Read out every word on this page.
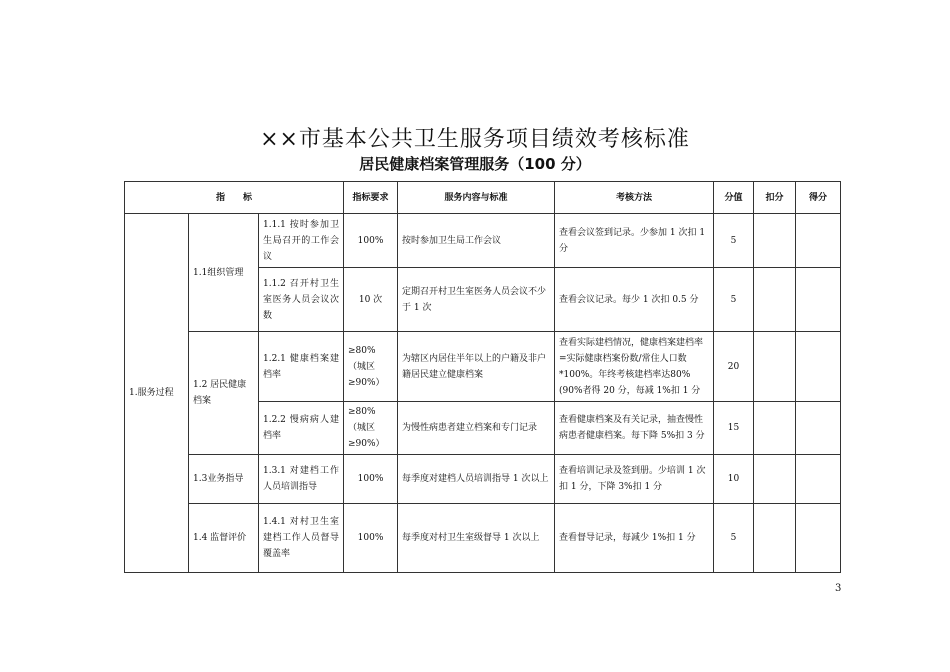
××市基本公共卫生服务项目绩效考核标准
居民健康档案管理服务（100 分）
指　　标			指标要求	服务内容与标准	考核方法	分值	扣分	得分
1.服务过程	1.1组织管理	1.1.1 按时参加卫生局召开的工作会议	100%	按时参加卫生局工作会议	查看会议签到记录。少参加 1 次扣 1 分	5		
		1.1.2 召开村卫生室医务人员会议次数	10 次	定期召开村卫生室医务人员会议不少于 1 次	查看会议记录。每少 1 次扣 0.5 分	5		
	1.2 居民健康档案	1.2.1 健康档案建档率	≥80%（城区≥90%）	为辖区内居住半年以上的户籍及非户籍居民建立健康档案	查看实际建档情况，健康档案建档率=实际健康档案份数/常住人口数*100%。年终考核建档率达80%(90%者得 20 分，每减 1%扣 1 分	20		
		1.2.2 慢病病人建档率	≥80%（城区≥90%）	为慢性病患者建立档案和专门记录	查看健康档案及有关记录，抽查慢性病患者健康档案。每下降 5%扣 3 分	15		
	1.3业务指导	1.3.1 对建档工作人员培训指导	100%	每季度对建档人员培训指导 1 次以上	查看培训记录及签到册。少培训 1 次扣 1 分，下降 3%扣 1 分	10		
	1.4 监督评价	1.4.1 对村卫生室建档工作人员督导覆盖率	100%	每季度对村卫生室级督导 1 次以上	查看督导记录，每减少 1%扣 1 分	5		
3
